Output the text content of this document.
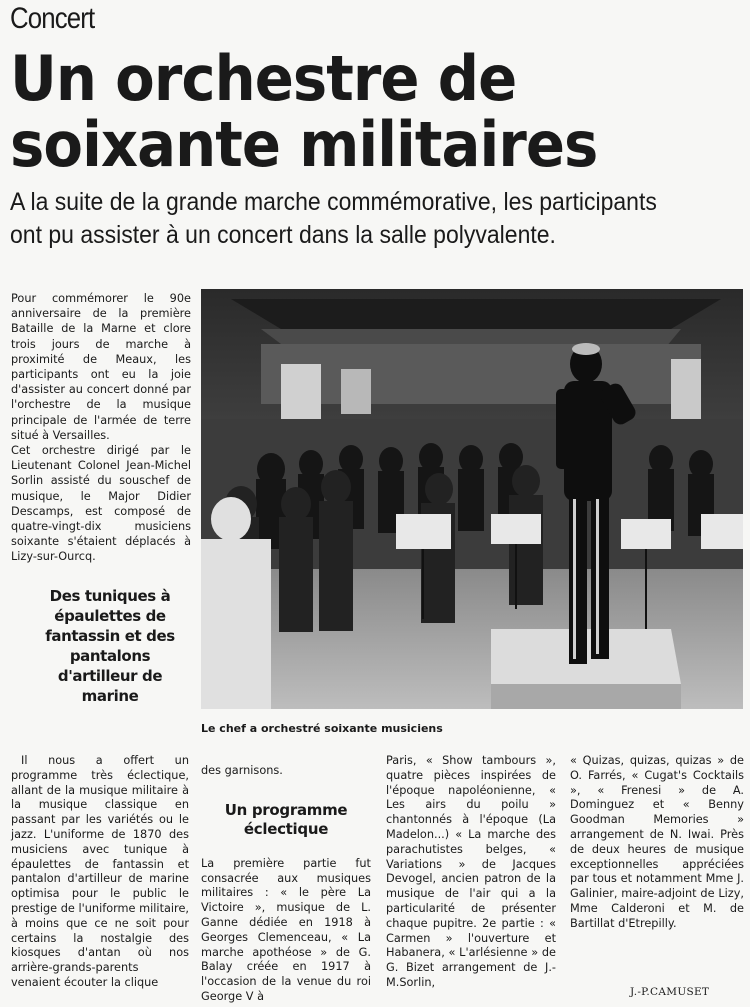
Concert
Un orchestre de
soixante militaires
A la suite de la grande marche commémorative, les participants
ont pu assister à un concert dans la salle polyvalente.

Pour commémorer le 90e anniversaire de la première Bataille de la Marne et clore trois jours de marche à proximité de Meaux, les participants ont eu la joie d'assister au concert donné par l'orchestre de la musique principale de l'armée de terre situé à Versailles.

Cet orchestre dirigé par le Lieutenant Colonel Jean-Michel Sorlin assisté du souschef de musique, le Major Didier Descamps, est composé de quatre-vingt-dix musiciens soixante s'étaient déplacés à Lizy-sur-Ourcq.

Des tuniques à épaulettes de fantassin et des pantalons d'artilleur de marine
Le chef a orchestré soixante musiciens

Il nous a offert un programme très éclectique, allant de la musique militaire à la musique classique en passant par les variétés ou le jazz. L'uniforme de 1870 des musiciens avec tunique à épaulettes de fantassin et pantalon d'artilleur de marine optimisa pour le public le prestige de l'uniforme militaire, à moins que ce ne soit pour certains la nostalgie des kiosques d'antan où nos arrière-grands-parents venaient écouter la clique

des garnisons.

Un programme éclectique

La première partie fut consacrée aux musiques militaires : « le père La Victoire », musique de L. Ganne dédiée en 1918 à Georges Clemenceau, « La marche apothéose » de G. Balay créée en 1917 à l'occasion de la venue du roi George V à

Paris, « Show tambours », quatre pièces inspirées de l'époque napoléonienne, « Les airs du poilu » chantonnés à l'époque (La Madelon...) « La marche des parachutistes belges, « Variations » de Jacques Devogel, ancien patron de la musique de l'air qui a la particularité de présenter chaque pupitre. 2e partie : « Carmen » l'ouverture et Habanera, « L'arlésienne » de G. Bizet arrangement de J.-M.Sorlin,

« Quizas, quizas, quizas » de O. Farrés, « Cugat's Cocktails », « Frenesi » de A. Dominguez et « Benny Goodman Memories » arrangement de N. Iwai. Près de deux heures de musique exceptionnelles appréciées par tous et notamment Mme J. Galinier, maire-adjoint de Lizy, Mme Calderoni et M. de Bartillat d'Etrepilly.

J.-P.CAMUSET
